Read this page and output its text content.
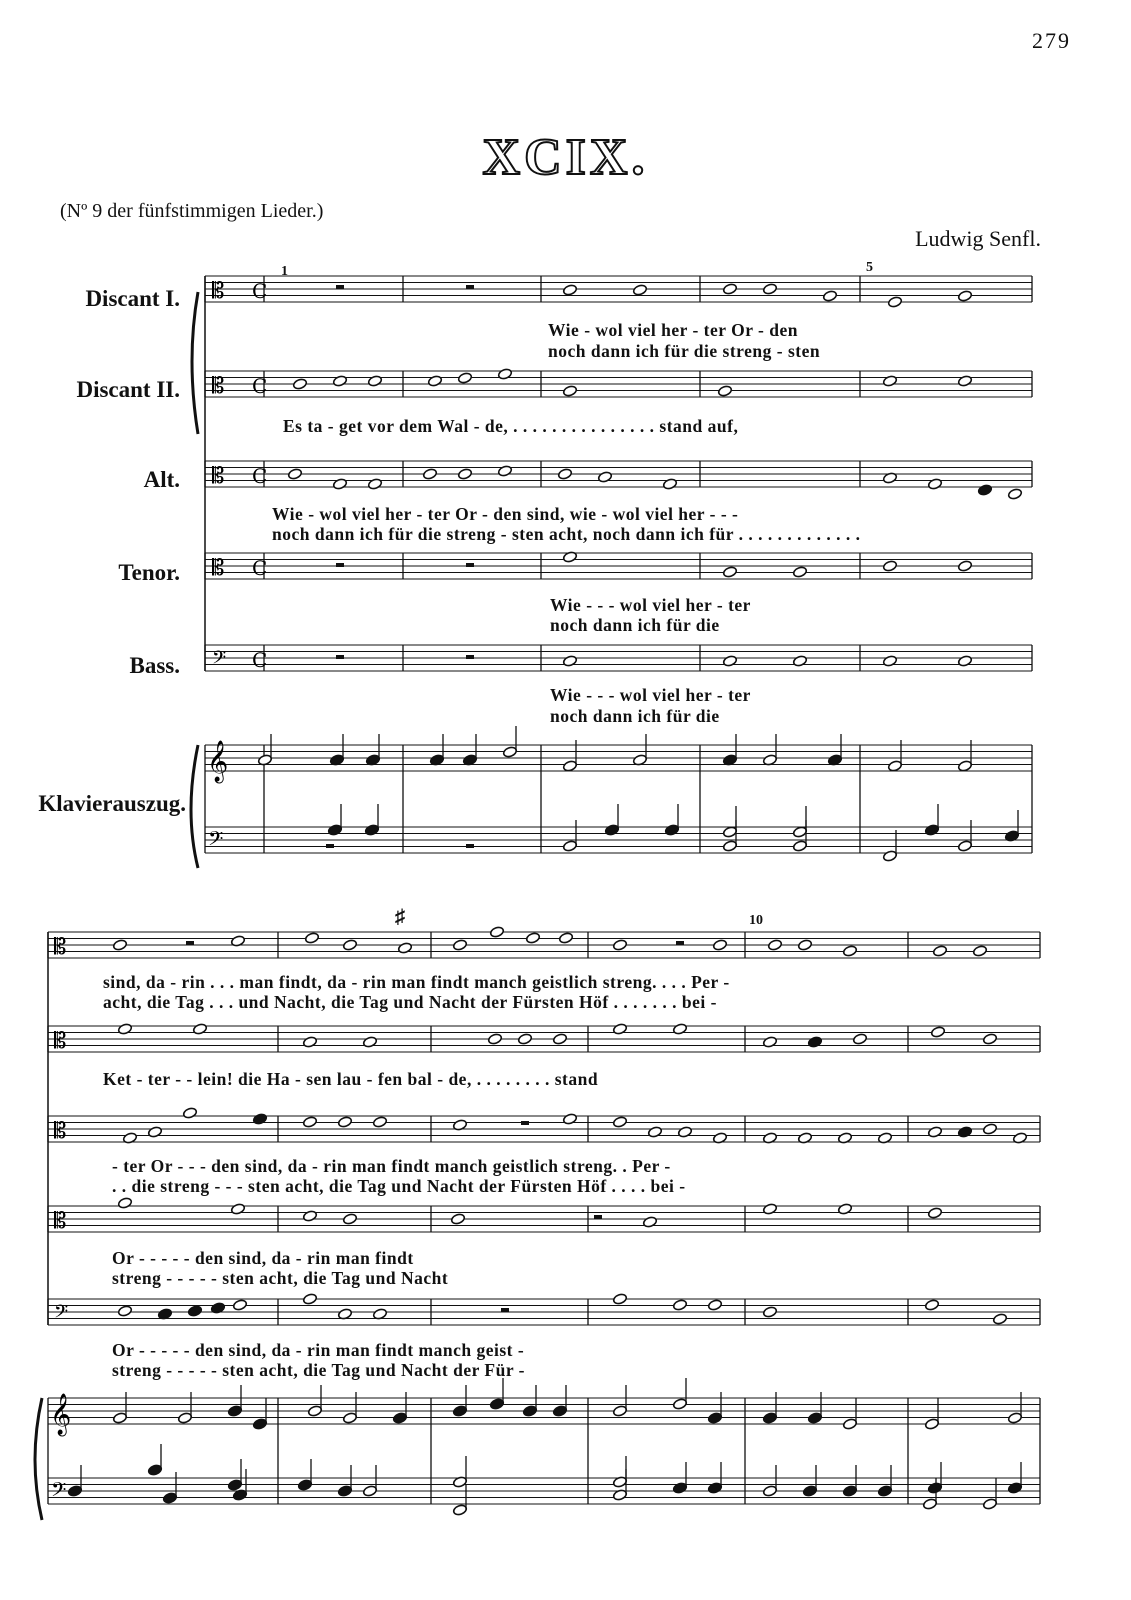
279
XCIX.
(Nº 9 der fünfstimmigen Lieder.)
Ludwig Senfl.
Discant I.
Discant II.
Alt.
Tenor.
Bass.
Klavierauszug.
1	5
10
♯
Wie - wol viel her - ter Or - den
noch dann ich für die streng - sten
Es ta - get vor dem Wal - de, . . . . . . . . . . . . . . . stand auf,
Wie - wol viel her - ter Or - den sind, wie - wol viel her - - -
noch dann ich für die streng - sten acht, noch dann ich für . . . . . . . . . . . . .
Wie - - - wol viel her - ter
noch dann ich für die
Wie - - - wol viel her - ter
noch dann ich für die
sind, da - rin . . . man findt, da - rin man findt manch geistlich streng. . . . Per -
acht, die Tag . . . und Nacht, die Tag und Nacht der Fürsten Höf . . . . . . . bei -
Ket - ter - - lein! die Ha - sen lau - fen bal - de, . . . . . . . . stand
- ter Or - - - den sind, da - rin man findt manch geistlich streng. . Per -
. . die streng - - - sten acht, die Tag und Nacht der Fürsten Höf . . . . bei -
Or - - - - - den sind, da - rin man findt
streng - - - - - sten acht, die Tag und Nacht
Or - - - - - den sind, da - rin man findt manch geist -
streng - - - - - sten acht, die Tag und Nacht der Für -
𝄡 C
𝄡 C
𝄡 C
𝄡 C
𝄢 C
𝄞
𝄢
𝄡
𝄡
𝄡
𝄡
𝄢
𝄞
𝄢
